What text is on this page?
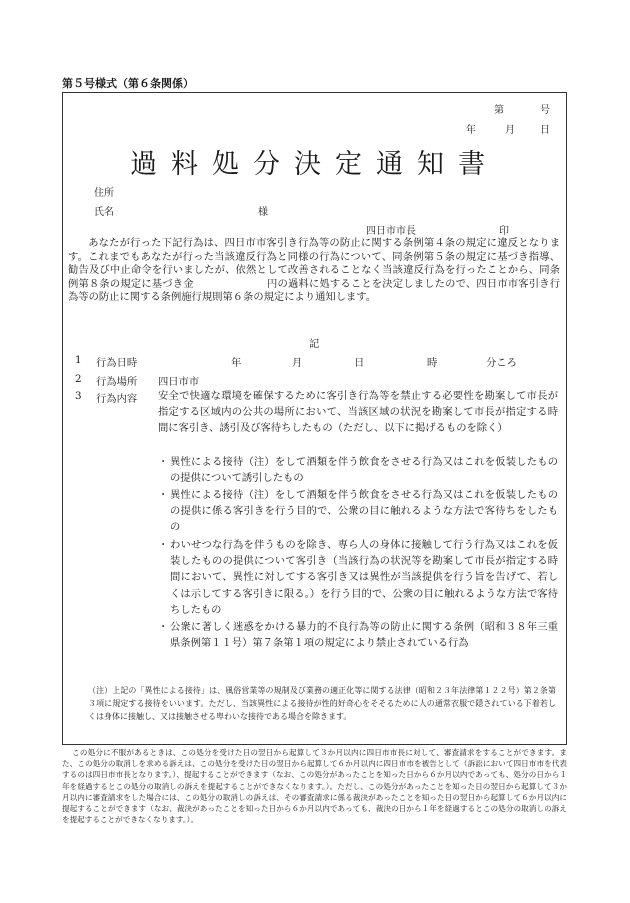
第５号様式（第６条関係）
第	号
年	月	日
過料処分決定通知書
住所
氏名	様
四日市市長	印
あなたが行った下記行為は、四日市市客引き行為等の防止に関する条例第４条の規定に違反となります。これまでもあなたが行った当該違反行為と同様の行為について、同条例第５条の規定に基づき指導、勧告及び中止命令を行いましたが、依然として改善されることなく当該違反行為を行ったことから、同条例第８条の規定に基づき金　　　　　　　円の過料に処することを決定しましたので、四日市市客引き行為等の防止に関する条例施行規則第６条の規定により通知します。
記
1 行為日時	年	月	日	時	分ころ
2 行為場所 四日市市
3 行為内容 安全で快適な環境を確保するために客引き行為等を禁止する必要性を勘案して市長が指定する区域内の公共の場所において、当該区域の状況を勘案して市長が指定する時間に客引き、誘引及び客待ちしたもの（ただし、以下に掲げるものを除く）
・ 異性による接待（注）をして酒類を伴う飲食をさせる行為又はこれを仮装したものの提供について誘引したもの
・ 異性による接待（注）をして酒類を伴う飲食をさせる行為又はこれを仮装したものの提供に係る客引きを行う目的で、公衆の目に触れるような方法で客待ちをしたもの
・ わいせつな行為を伴うものを除き、専ら人の身体に接触して行う行為又はこれを仮装したものの提供について客引き（当該行為の状況等を勘案して市長が指定する時間において、異性に対してする客引き又は異性が当該提供を行う旨を告げて、若しくは示してする客引きに限る。）を行う目的で、公衆の目に触れるような方法で客待ちしたもの
・ 公衆に著しく迷惑をかける暴力的不良行為等の防止に関する条例（昭和３８年三重県条例第１１号）第７条第１項の規定により禁止されている行為
（注）上記の「異性による接待」は、風俗営業等の規制及び業務の適正化等に関する法律（昭和２３年法律第１２２号）第２条第３項に規定する接待をいいます。ただし、当該異性による接待が性的好奇心をそそるために人の通常衣服で隠されている下着若しくは身体に接触し、又は接触させる卑わいな接待である場合を除きます。
この処分に不服があるときは、この処分を受けた日の翌日から起算して３か月以内に四日市市長に対して、審査請求をすることができます。また、この処分の取消しを求める訴えは、この処分を受けた日の翌日から起算して６か月以内に四日市市を被告として（訴訟において四日市市を代表するのは四日市市長となります。）、提起することができます（なお、この処分があったことを知った日から６か月以内であっても、処分の日から１年を経過するとこの処分の取消しの訴えを提起することができなくなります。）。ただし、この処分があったことを知った日の翌日から起算して３か月以内に審査請求をした場合には、この処分の取消しの訴えは、その審査請求に係る裁決があったことを知った日の翌日から起算して６か月以内に提起することができます（なお、裁決があったことを知った日から６か月以内であっても、裁決の日から１年を経過するとこの処分の取消しの訴えを提起することができなくなります。）。
